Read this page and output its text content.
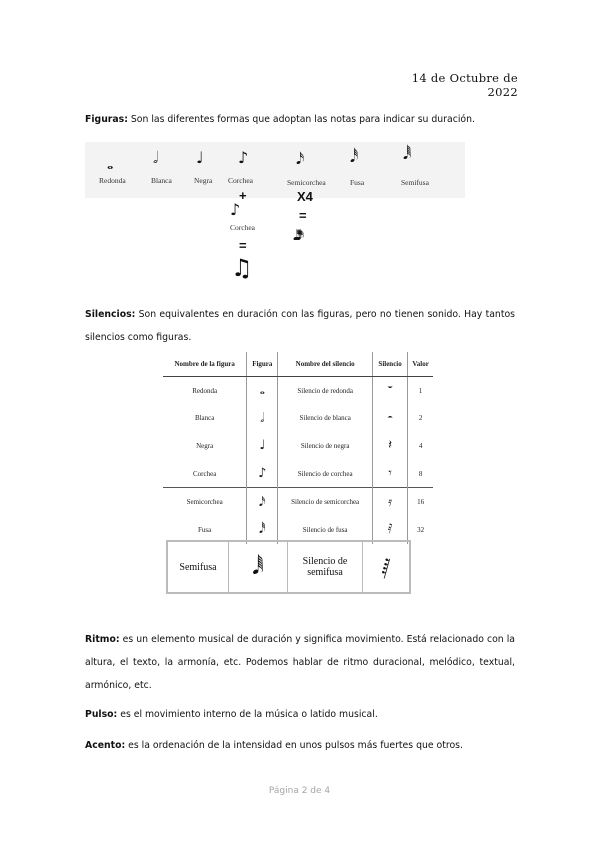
14 de Octubre de 2022
Figuras: Son las diferentes formas que adoptan las notas para indicar su duración.
𝅝
Redonda
𝅗𝅥
Blanca
♩
Negra
♪
Corchea
𝅘𝅥𝅯
Semicorchea
𝅘𝅥𝅰
Fusa
𝅘𝅥𝅱
Semifusa
+
♪
Corchea
=
♫
X4
=
𝅘𝅥𝅯𝅘𝅥𝅯𝅘𝅥𝅯𝅘𝅥𝅯
Silencios: Son equivalentes en duración con las figuras, pero no tienen sonido. Hay tantos silencios como figuras.
Nombre de la figura	Figura	Nombre del silencio	Silencio	Valor
Redonda	𝅝	Silencio de redonda	𝄻	1
Blanca	𝅗𝅥	Silencio de blanca	𝄼	2
Negra	♩	Silencio de negra	𝄽	4
Corchea	♪	Silencio de corchea	𝄾	8
Semicorchea	𝅘𝅥𝅯	Silencio de semicorchea	𝄿	16
Fusa	𝅘𝅥𝅰	Silencio de fusa	𝅀	32
Semifusa	𝅘𝅥𝅱	Silencio de semifusa	𝅁
Ritmo: es un elemento musical de duración y significa movimiento. Está relacionado con la altura, el texto, la armonía, etc. Podemos hablar de ritmo duracional, melódico, textual, armónico, etc.
Pulso: es el movimiento interno de la música o latido musical.
Acento: es la ordenación de la intensidad en unos pulsos más fuertes que otros.
Página 2 de 4
